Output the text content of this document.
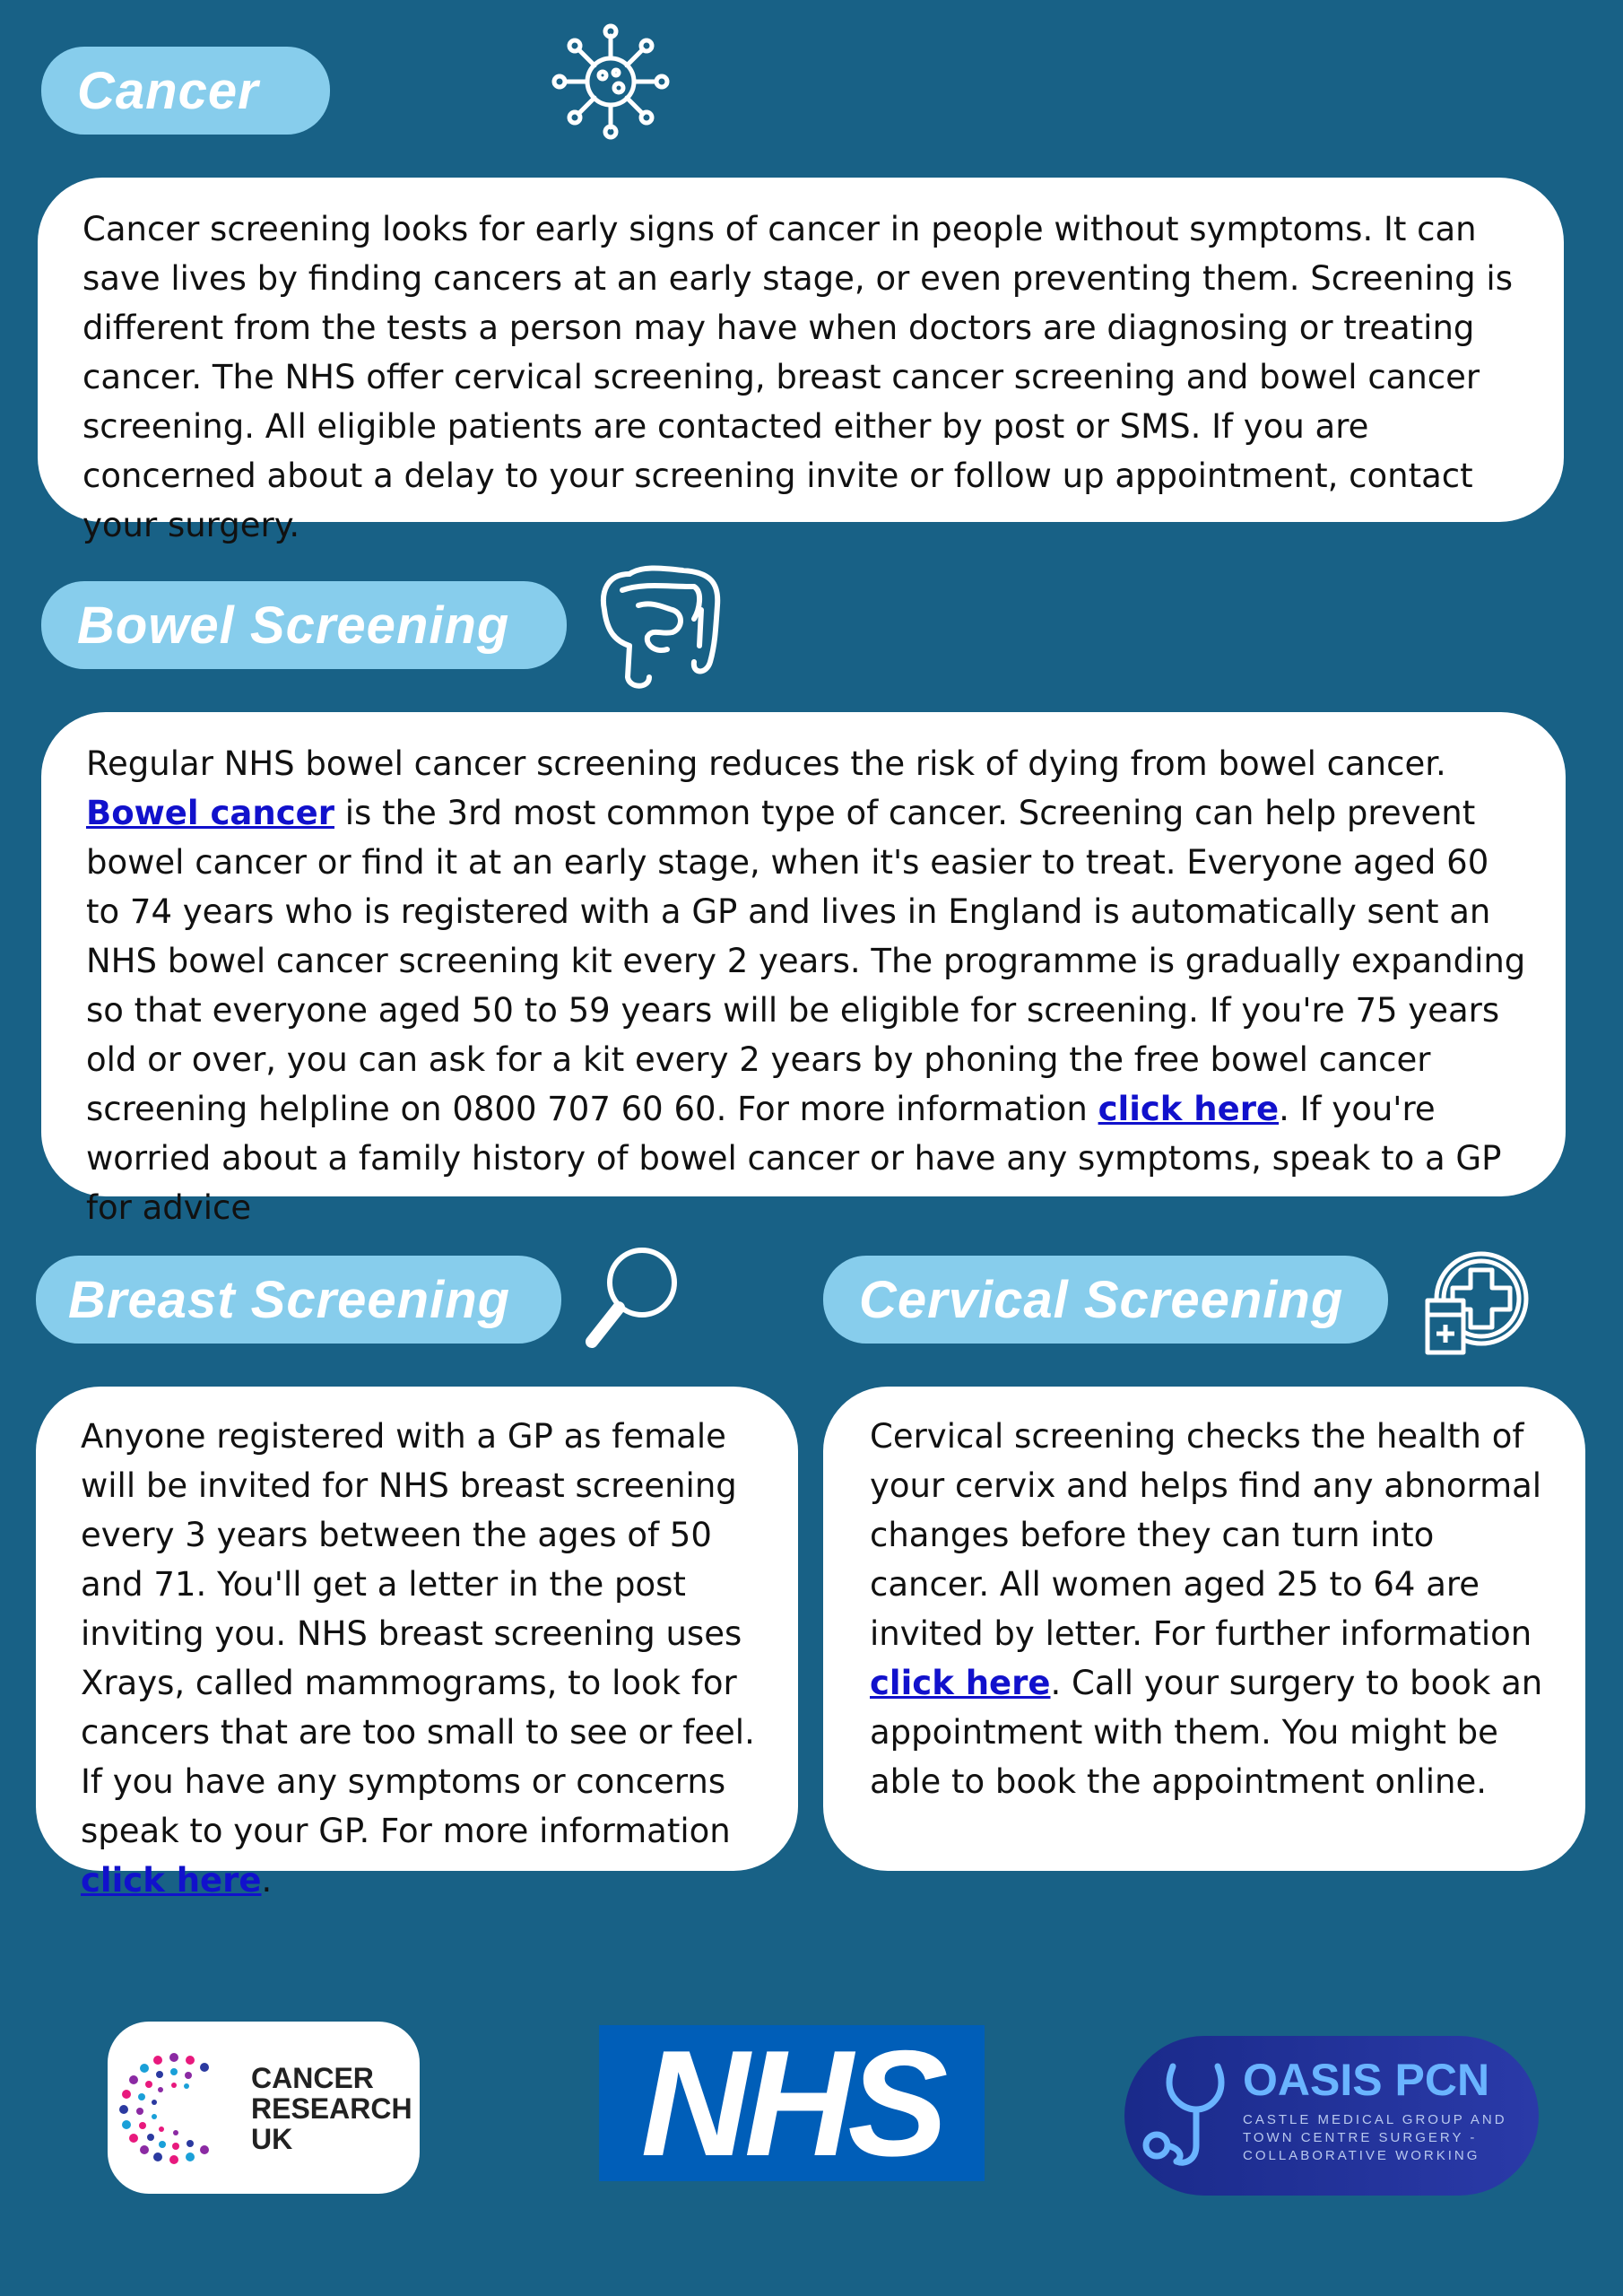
Cancer
Cancer screening looks for early signs of cancer in people without symptoms. It can save lives by finding cancers at an early stage, or even preventing them. Screening is different from the tests a person may have when doctors are diagnosing or treating cancer. The NHS offer cervical screening, breast cancer screening and bowel cancer screening. All eligible patients are contacted either by post or SMS. If you are concerned about a delay to your screening invite or follow up appointment, contact your surgery.
Bowel Screening
Regular NHS bowel cancer screening reduces the risk of dying from bowel cancer.
Bowel cancer is the 3rd most common type of cancer. Screening can help prevent bowel cancer or find it at an early stage, when it's easier to treat. Everyone aged 60 to 74 years who is registered with a GP and lives in England is automatically sent an NHS bowel cancer screening kit every 2 years. The programme is gradually expanding so that everyone aged 50 to 59 years will be eligible for screening. If you're 75 years old or over, you can ask for a kit every 2 years by phoning the free bowel cancer screening helpline on 0800 707 60 60. For more information click here. If you're worried about a family history of bowel cancer or have any symptoms, speak to a GP for advice
Breast Screening
Anyone registered with a GP as female will be invited for NHS breast screening every 3 years between the ages of 50 and 71. You'll get a letter in the post inviting you. NHS breast screening uses Xrays, called mammograms, to look for cancers that are too small to see or feel. If you have any symptoms or concerns speak to your GP. For more information click here.
Cervical Screening
Cervical screening checks the health of your cervix and helps find any abnormal changes before they can turn into cancer. All women aged 25 to 64 are invited by letter. For further information click here. Call your surgery to book an appointment with them. You might be able to book the appointment online.
CANCER
RESEARCH
UK	NHS	OASIS PCN
CASTLE MEDICAL GROUP AND
TOWN CENTRE SURGERY -
COLLABORATIVE WORKING
